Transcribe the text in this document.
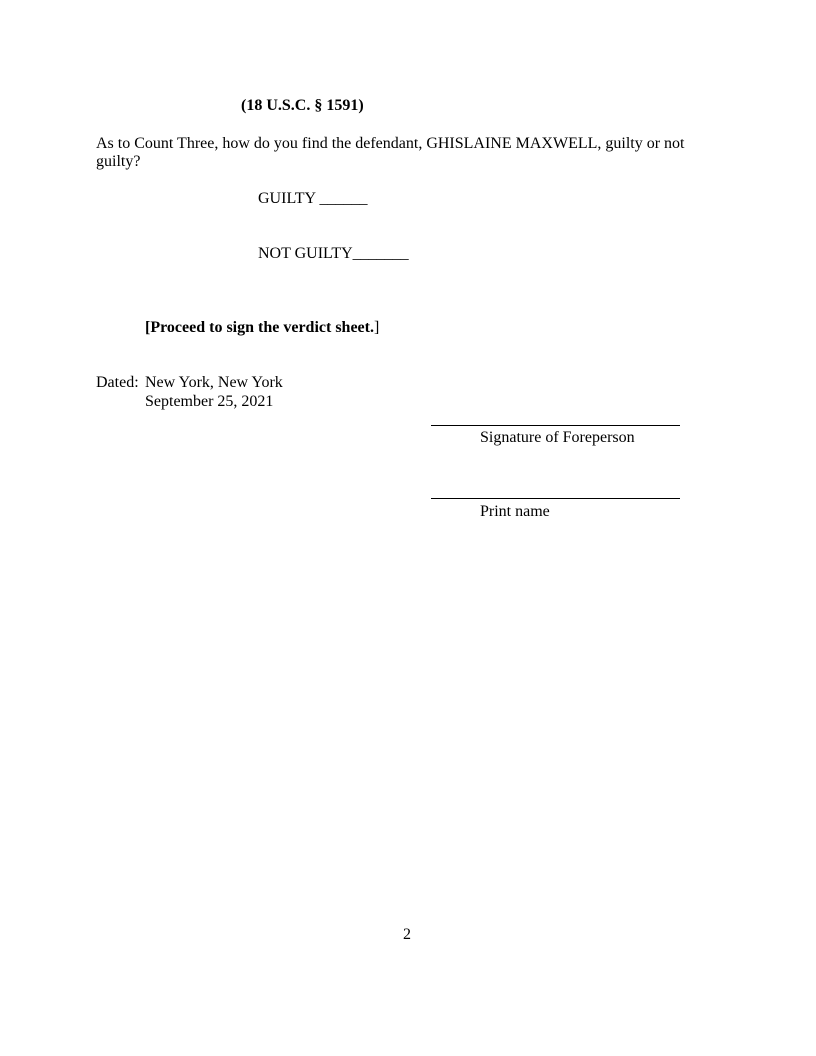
(18 U.S.C. § 1591)
As to Count Three, how do you find the defendant, GHISLAINE MAXWELL, guilty or not
guilty?
GUILTY ______
NOT GUILTY_______
[Proceed to sign the verdict sheet.]
Dated: New York, New York
September 25, 2021
Signature of Foreperson
Print name
2
